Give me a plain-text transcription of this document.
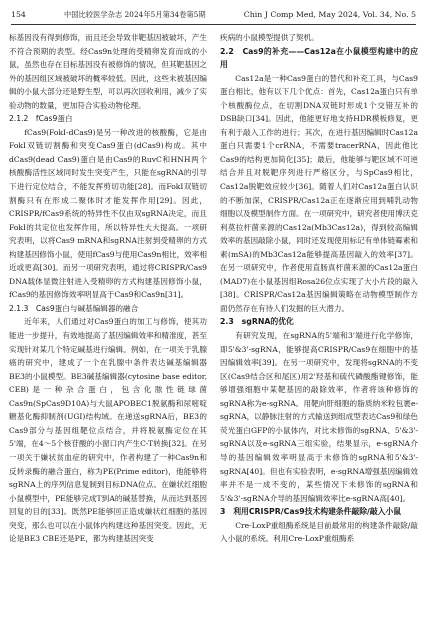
154	中国比较医学杂志 2024年5月第34卷第5期	Chin J Comp Med, May 2024, Vol. 34, No. 5

标基因没有得到修饰，而且还会导致非靶基因被破坏，产生不符合预期的表型。经Cas9n处理的受精卵发育而成的小鼠，虽然也存在目标基因没有被修饰的情况，但其靶基因之外的基因组区域被破坏的概率较低。因此，这些未被基因编辑的小鼠大部分还是野生型，可以再次回收利用，减少了实验动物的数量，更加符合实验动物伦理。

2.1.2　fCas9蛋白

fCas9(FokI-dCas9)是另一种改进的核酸酶，它是由FokI双链切割酶和突变Cas9蛋白(dCas9)构成。其中dCas9(dead Cas9)蛋白是由Cas9的RuvC和HNH两个核酸酶活性区域同时发生突变产生，只能在sgRNA的引导下进行定位结合，不能发挥剪切功能[28]。而FokI双链切割酶只有在形成二聚体时才能发挥作用[29]。因此，CRISPR/fCas9系统的特异性不仅由双sgRNA决定，而且FokI的共定位也发挥作用，所以特异性大大提高。一项研究表明，以将Cas9 mRNA和sgRNA注射到受精卵的方式构建基因修饰小鼠，使用fCas9与使用Cas9n相比，效率相近或更高[30]。而另一项研究表明，通过将CRISPR/Cas9 DNA载体显微注射进入受精卵的方式构建基因修饰小鼠，fCas9的基因修饰效率明显高于Cas9和Cas9n[31]。

2.1.3　Cas9蛋白与碱基编辑器的融合

近年来，人们通过对Cas9蛋白的加工与修饰，使其功能进一步提升，有效地提高了基因编辑效率和精准度，甚至实现针对某几个特定碱基进行编辑。例如，在一项关于乳腺癌的研究中，建成了一个在乳腺中条件表达碱基编辑器BE3的小鼠模型。BE3碱基编辑器(cytosine base editor, CEB)是一种杂合蛋白，包含化脓性链球菌Cas9n(SpCas9D10A)与大鼠APOBEC1脱氨酶和尿嘧啶糖基化酶抑制剂(UGI)结构域。在递送sgRNA后，BE3的Cas9部分与基因组靶位点结合，并将脱氨酶定位在其5'端，在4～5个核苷酸的小窗口内产生C-T转换[32]。在另一项关于嫌状贫血症的研究中，作者构建了一种Cas9n和反转录酶的融合蛋白，称为PE(Prime editor)，他能够将sgRNA上的序列信息复制到目标DNA位点。在嫌状红细胞小鼠模型中，PE能够完成T到A的碱基替换，从而达到基因回复的目的[33]。既然PE能够回正造成嫌状红细胞的基因突变，那么也可以在小鼠体内构建这种基因突变。因此，无论是BE3 CBE还是PE，都为构建基因突变

疾病的小鼠模型提供了契机。

2.2　Cas9的补充——Cas12a在小鼠模型构建中的应用

Cas12a是一种Cas9蛋白的替代和补充工具，与Cas9蛋白相比，他有以下几个优点：首先，Cas12a蛋白只有单个核酸酶位点，在切割DNA双链时形成1个交错互补的DSB缺口[34]。因此，他能更好地支持HDR模板修复，更有利于敲入工作的进行；其次，在进行基因编辑时Cas12a蛋白只需要1个crRNA，不需要tracerRNA，因此他比Cas9的结构更加简化[35]；最后，他能够与靶区域不可逆结合并且对脱靶序列进行严格区分，与SpCas9相比，Cas12a脱靶效应较少[36]。随着人们对Cas12a蛋白认识的不断加深，CRISPR/Cas12a正在逐渐应用到哺乳动物细胞以及模型制作方面。在一项研究中，研究者使用博沃克利莫拉杆菌来源的Cas12a(Mb3Cas12a)，得到较高编辑效率的基因敲除小鼠，同时还发现使用标记有单体链霉素和素(mSA)的Mb3Cas12a能够提高基因敲入的效率[37]。在另一项研究中，作者使用直肠真杆菌来源的Cas12a蛋白(MAD7)在小鼠基因组Rosa26位点实现了大小片段的敲入[38]。CRISPR/Cas12a基因编辑策略在动物模型制作方面仍然存在有待人们发掘的巨大潜力。

2.3　sgRNA的优化

有研究发现，在sgRNA的5'端和3'端进行化学修饰，即5'&3'-sgRNA，能够提高CRISPR/Cas9在细胞中的基因编辑效率[39]。在另一项研究中，发现将sgRNA的不变区(Cas9结合区和尾区)用2'羟基和硫代磷酸酯键修饰，能够增强细胞中某靶基因的敲除效率，作者将该种修饰的sgRNA称为e-sgRNA。用靶向肝细胞的脂质纳米粒包裹e-sgRNA，以静脉注射的方式输送到组成型表达Cas9和绿色荧光蛋白GFP的小鼠体内，对比未修饰的sgRNA、5'&3'-sgRNA以及e-sgRNA三组实验，结果显示，e-sgRNA介导的基因编辑效率明显高于未修饰的sgRNA和5'&3'-sgRNA[40]。但也有实验表明，e-sgRNA增强基因编辑效率并不是一成不变的，某些情况下未修饰的sgRNA和5'&3'-sgRNA介导的基因编辑效率比e-sgRNA高[40]。

3　利用CRISPR/Cas9技术构建条件敲除/敲入小鼠

Cre-LoxP重组酶系统是目前最常用的构建条件敲除/敲入小鼠的系统。利用Cre-LoxP重组酶系
